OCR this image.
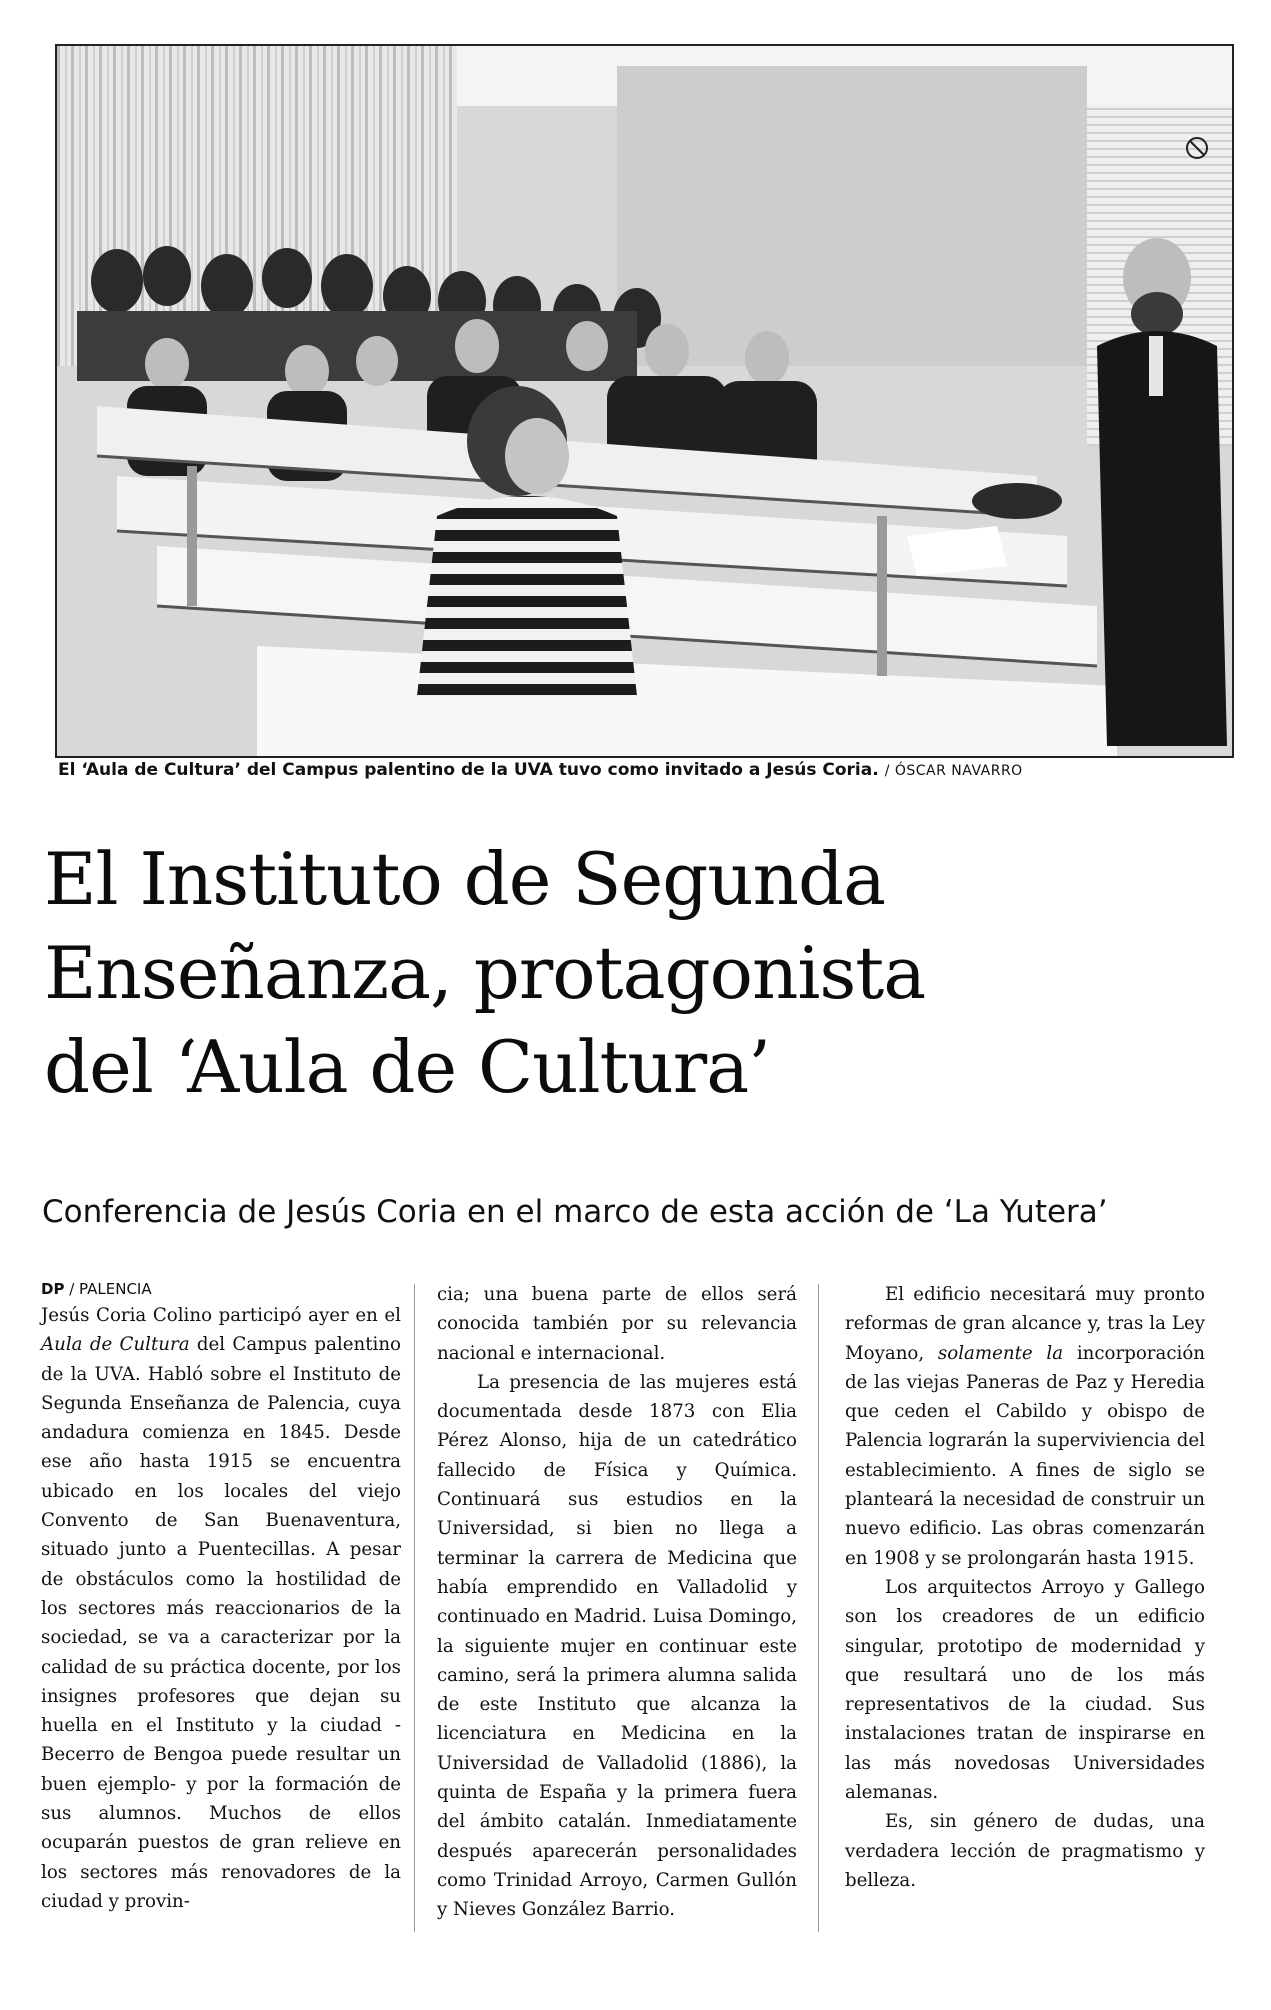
El ‘Aula de Cultura’ del Campus palentino de la UVA tuvo como invitado a Jesús Coria. / ÓSCAR NAVARRO
El Instituto de Segunda
Enseñanza, protagonista
del ‘Aula de Cultura’
Conferencia de Jesús Coria en el marco de esta acción de ‘La Yutera’
DP / PALENCIA

Jesús Coria Colino participó ayer en el Aula de Cultura del Campus palentino de la UVA. Habló sobre el Instituto de Segunda Enseñanza de Palencia, cuya andadura comienza en 1845. Desde ese año hasta 1915 se encuentra ubicado en los locales del viejo Convento de San Buenaventura, situado junto a Puentecillas. A pesar de obstáculos como la hostilidad de los sectores más reaccionarios de la sociedad, se va a caracterizar por la calidad de su práctica docente, por los insignes profesores que dejan su huella en el Instituto y la ciudad -Becerro de Bengoa puede resultar un buen ejemplo- y por la formación de sus alumnos. Muchos de ellos ocuparán puestos de gran relieve en los sectores más renovadores de la ciudad y provin-

cia; una buena parte de ellos será conocida también por su relevancia nacional e internacional.

La presencia de las mujeres está documentada desde 1873 con Elia Pérez Alonso, hija de un catedrático fallecido de Física y Química. Continuará sus estudios en la Universidad, si bien no llega a terminar la carrera de Medicina que había emprendido en Valladolid y continuado en Madrid. Luisa Domingo, la siguiente mujer en continuar este camino, será la primera alumna salida de este Instituto que alcanza la licenciatura en Medicina en la Universidad de Valladolid (1886), la quinta de España y la primera fuera del ámbito catalán. Inmediatamente después aparecerán personalidades como Trinidad Arroyo, Carmen Gullón y Nieves González Barrio.

El edificio necesitará muy pronto reformas de gran alcance y, tras la Ley Moyano, solamente la incorporación de las viejas Paneras de Paz y Heredia que ceden el Cabildo y obispo de Palencia lograrán la superviviencia del establecimiento. A fines de siglo se planteará la necesidad de construir un nuevo edificio. Las obras comenzarán en 1908 y se prolongarán hasta 1915.

Los arquitectos Arroyo y Gallego son los creadores de un edificio singular, prototipo de modernidad y que resultará uno de los más representativos de la ciudad. Sus instalaciones tratan de inspirarse en las más novedosas Universidades alemanas.

Es, sin género de dudas, una verdadera lección de pragmatismo y belleza.
